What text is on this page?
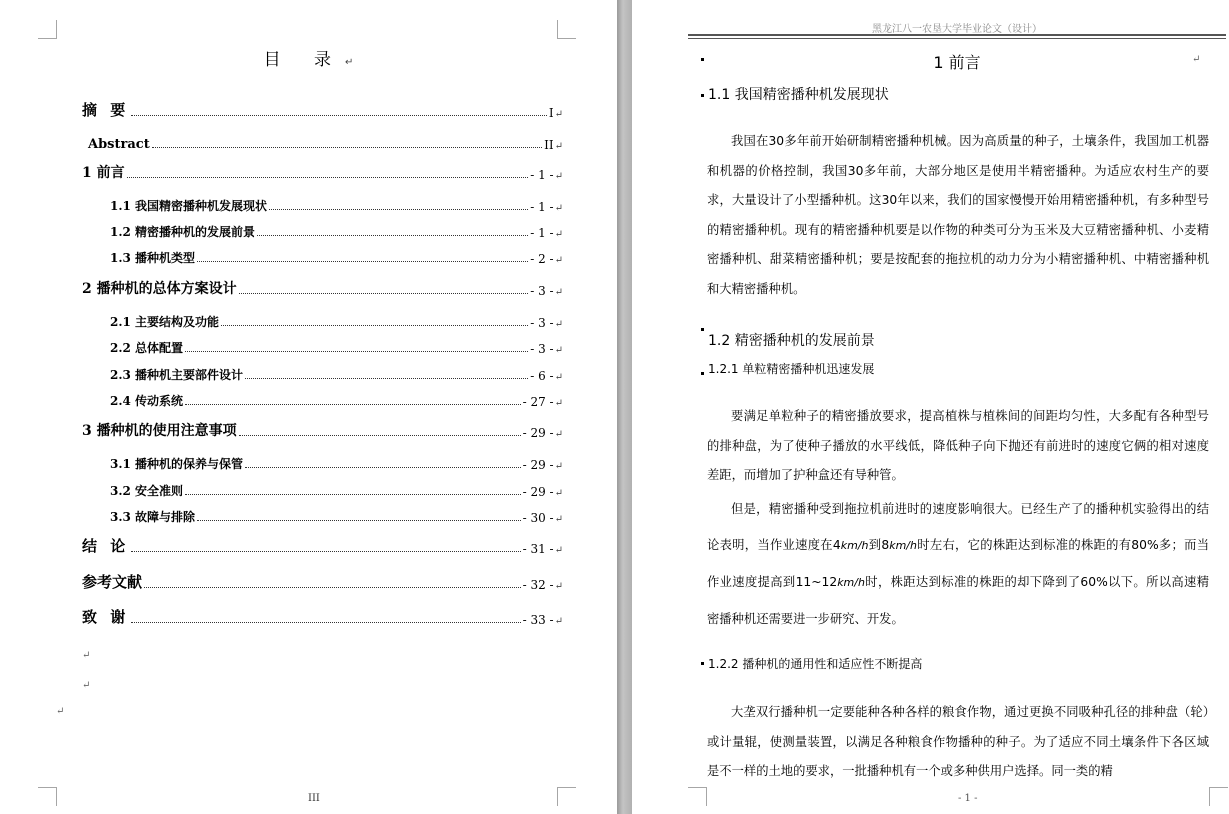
目 录↵
摘 要	I ↵
Abstract	II ↵
1 前言	- 1 - ↵
1.1 我国精密播种机发展现状	- 1 - ↵
1.2 精密播种机的发展前景	- 1 - ↵
1.3 播种机类型	- 2 - ↵
2 播种机的总体方案设计	- 3 - ↵
2.1 主要结构及功能	- 3 - ↵
2.2 总体配置	- 3 - ↵
2.3 播种机主要部件设计	- 6 - ↵
2.4 传动系统	- 27 - ↵
3 播种机的使用注意事项	- 29 - ↵
3.1 播种机的保养与保管	- 29 - ↵
3.2 安全准则	- 29 - ↵
3.3 故障与排除	- 30 - ↵
结 论	- 31 - ↵
参考文献	- 32 - ↵
致 谢	- 33 - ↵
↵
↵
↵
III
黑龙江八一农垦大学毕业论文（设计）
1 前言	↵
1.1 我国精密播种机发展现状
我国在30多年前开始研制精密播种机械。因为高质量的种子，土壤条件，我国加工机器和机器的价格控制，我国30多年前，大部分地区是使用半精密播种。为适应农村生产的要求，大量设计了小型播种机。这30年以来，我们的国家慢慢开始用精密播种机，有多种型号的精密播种机。现有的精密播种机要是以作物的种类可分为玉米及大豆精密播种机、小麦精密播种机、甜菜精密播种机；要是按配套的拖拉机的动力分为小精密播种机、中精密播种机和大精密播种机。
1.2 精密播种机的发展前景
1.2.1 单粒精密播种机迅速发展
要满足单粒种子的精密播放要求，提高植株与植株间的间距均匀性，大多配有各种型号的排种盘，为了使种子播放的水平线低，降低种子向下抛还有前进时的速度它俩的相对速度差距，而增加了护种盒还有导种管。
但是，精密播种受到拖拉机前进时的速度影响很大。已经生产了的播种机实验得出的结论表明，当作业速度在4km/h到8km/h时左右，它的株距达到标准的株距的有80%多；而当作业速度提高到11~12km/h时，株距达到标准的株距的却下降到了60%以下。所以高速精密播种机还需要进一步研究、开发。
1.2.2 播种机的通用性和适应性不断提高
大垄双行播种机一定要能种各种各样的粮食作物，通过更换不同吸种孔径的排种盘（轮）或计量辊，使测量装置，以满足各种粮食作物播种的种子。为了适应不同土壤条件下各区域是不一样的土地的要求，一批播种机有一个或多种供用户选择。同一类的精
- 1 -
